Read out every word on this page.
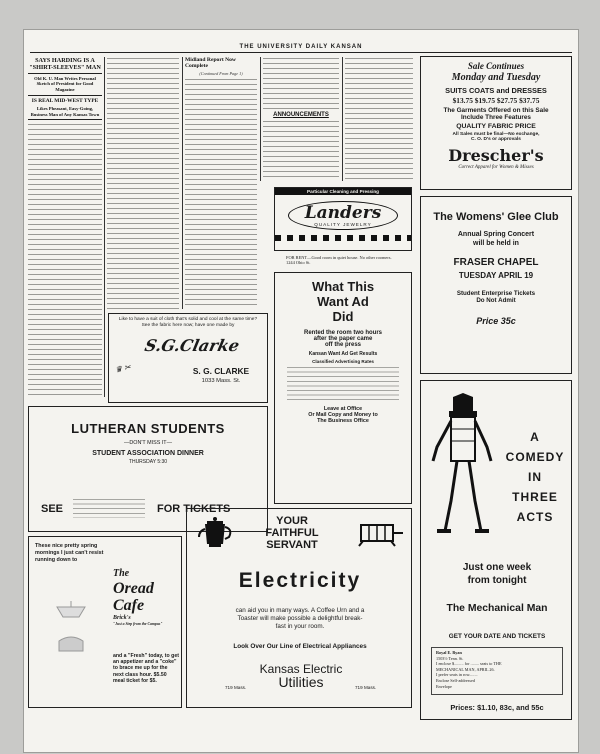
THE UNIVERSITY DAILY KANSAN
SAYS HARDING IS A "SHIRT-SLEEVES" MAN
Old K. U. Man Writes Personal Sketch of President for Good Magazine
IS REAL MID-WEST TYPE
Likes Pheasant, Easy-Going, Business Man of Any Kansas Town
Midland Report Now Complete
(Continued From Page 1)
ANNOUNCEMENTS
Sale Continues
Monday and Tuesday
SUITS COATS and DRESSES
$13.75 $19.75 $27.75 $37.75
The Garments Offered on this Sale
Include Three Features
QUALITY FABRIC PRICE
All Sales must be final—No exchange,
C. O. D's or approvals
Drescher's
Correct Apparel for Women & Misses
Particular Cleaning and Pressing
Landers
QUALITY JEWELRY
The Womens' Glee Club
Annual Spring Concert
will be held in
FRASER CHAPEL
TUESDAY APRIL 19
Student Enterprise Tickets
Do Not Admit
Price 35c
Like to have a suit of cloth that's solid and cool at the same time? See the fabric here now; have one made by
S.G.Clarke
♛ ✂	S. G. CLARKE
1033 Mass. St.
FOR RENT—Good room in quiet house. No other roomers. 1244 Ohio St.
What This
Want Ad
Did
Rented the room two hours
after the paper came
off the press
Kansan Want Ad Get Results
Classified Advertising Rates
Leave at Office
Or Mail Copy and Money to
The Business Office
LUTHERAN STUDENTS
—DON'T MISS IT—
STUDENT ASSOCIATION DINNER
THURSDAY 5:30
SEE	FOR TICKETS
YOUR
FAITHFUL
SERVANT
Electricity
can aid you in many ways. A Coffee Urn and a
Toaster will make possible a delightful break-
fast in your room.
Look Over Our Line of Electrical Appliances
719 Mass.
Kansas Electric
Utilities	719 Mass.
These nice pretty spring mornings I just can't resist running down to
The
Oread
Cafe
Brick's
"Just a Step from the Campus"
and a "Fresh" today, to get an appetizer and a "coke" to brace me up for the next class hour. $5.50 meal ticket for $5.
A
COMEDY
IN
THREE
ACTS
Just one week
from tonight
The Mechanical Man
GET YOUR DATE AND TICKETS
Royal E. Ryan
1503½ Tenn. St.
I enclose $......... for ........ seats to THE
MECHANICAL MAN, APRIL 26.
I prefer seats in row........
Enclose Self-addressed
Envelope
Prices: $1.10, 83c, and 55c
